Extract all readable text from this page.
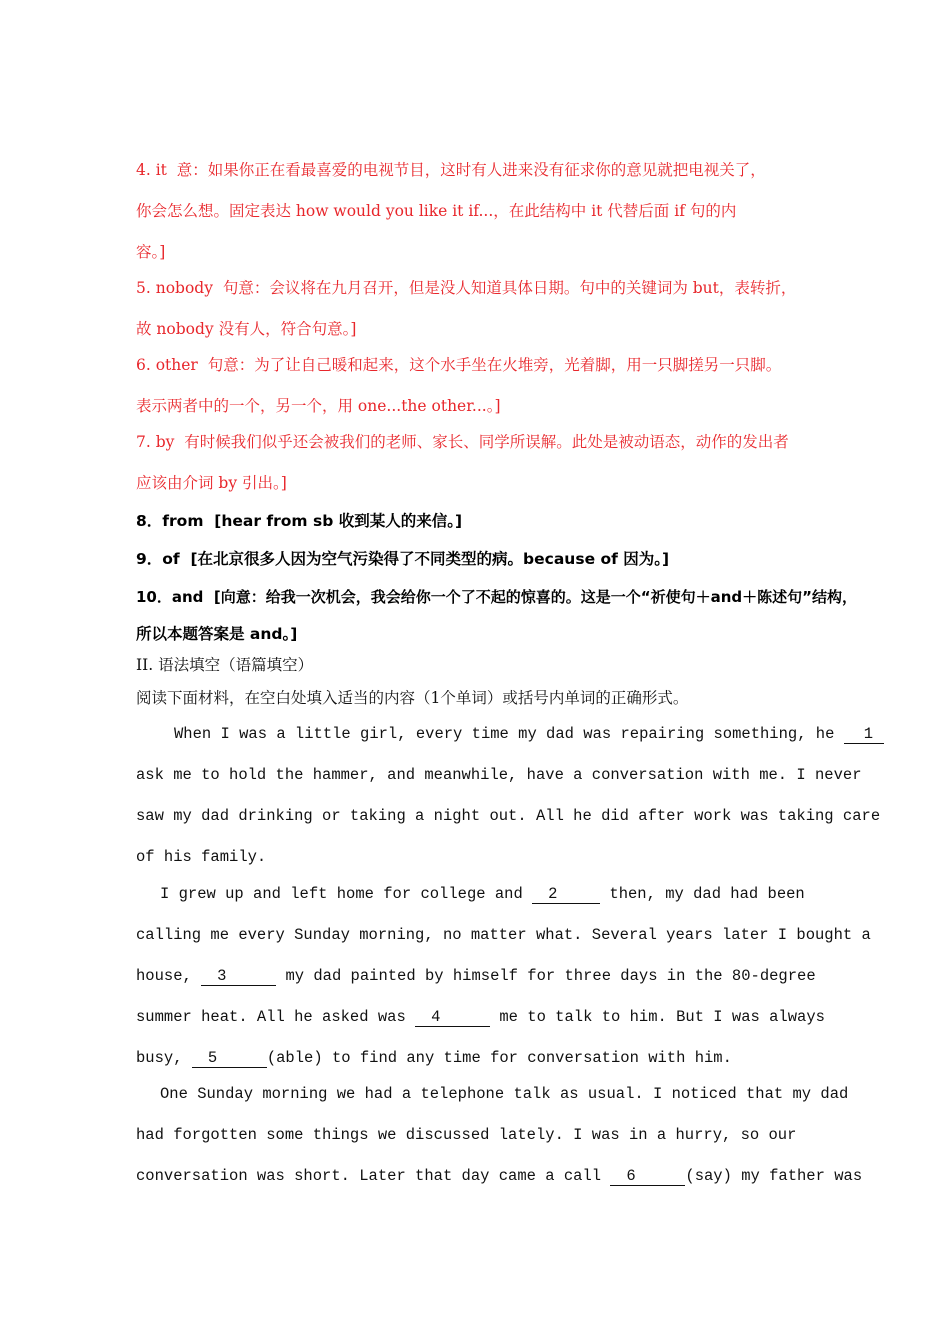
4. it  意：如果你正在看最喜爱的电视节目，这时有人进来没有征求你的意见就把电视关了，
你会怎么想。固定表达 how would you like it if...，在此结构中 it 代替后面 if 句的内
容。]
5. nobody  句意：会议将在九月召开，但是没人知道具体日期。句中的关键词为 but，表转折，
故 nobody 没有人，符合句意。]
6. other  句意：为了让自己暖和起来，这个水手坐在火堆旁，光着脚，用一只脚搓另一只脚。
表示两者中的一个，另一个，用 one...the other...。]
7. by  有时候我们似乎还会被我们的老师、家长、同学所误解。此处是被动语态，动作的发出者
应该由介词 by 引出。]
8．from  [hear from sb 收到某人的来信。]
9．of  [在北京很多人因为空气污染得了不同类型的病。because of 因为。]
10．and  [向意：给我一次机会，我会给你一个了不起的惊喜的。这是一个“祈使句＋and＋陈述句”结构，
所以本题答案是 and。]
II. 语法填空（语篇填空）
阅读下面材料，在空白处填入适当的内容（1个单词）或括号内单词的正确形式。
When I was a little girl, every time my dad was repairing something, he 1
ask me to hold the hammer, and meanwhile, have a conversation with me. I never
saw my dad drinking or taking a night out. All he did after work was taking care
of his family.
I grew up and left home for college and 2	then, my dad had been
calling me every Sunday morning, no matter what. Several years later I bought a
house, 3	my dad painted by himself for three days in the 80-degree
summer heat. All he asked was 4	me to talk to him. But I was always
busy, 5	(able) to find any time for conversation with him.
One Sunday morning we had a telephone talk as usual. I noticed that my dad
had forgotten some things we discussed lately. I was in a hurry, so our
conversation was short. Later that day came a call 6	(say) my father was
